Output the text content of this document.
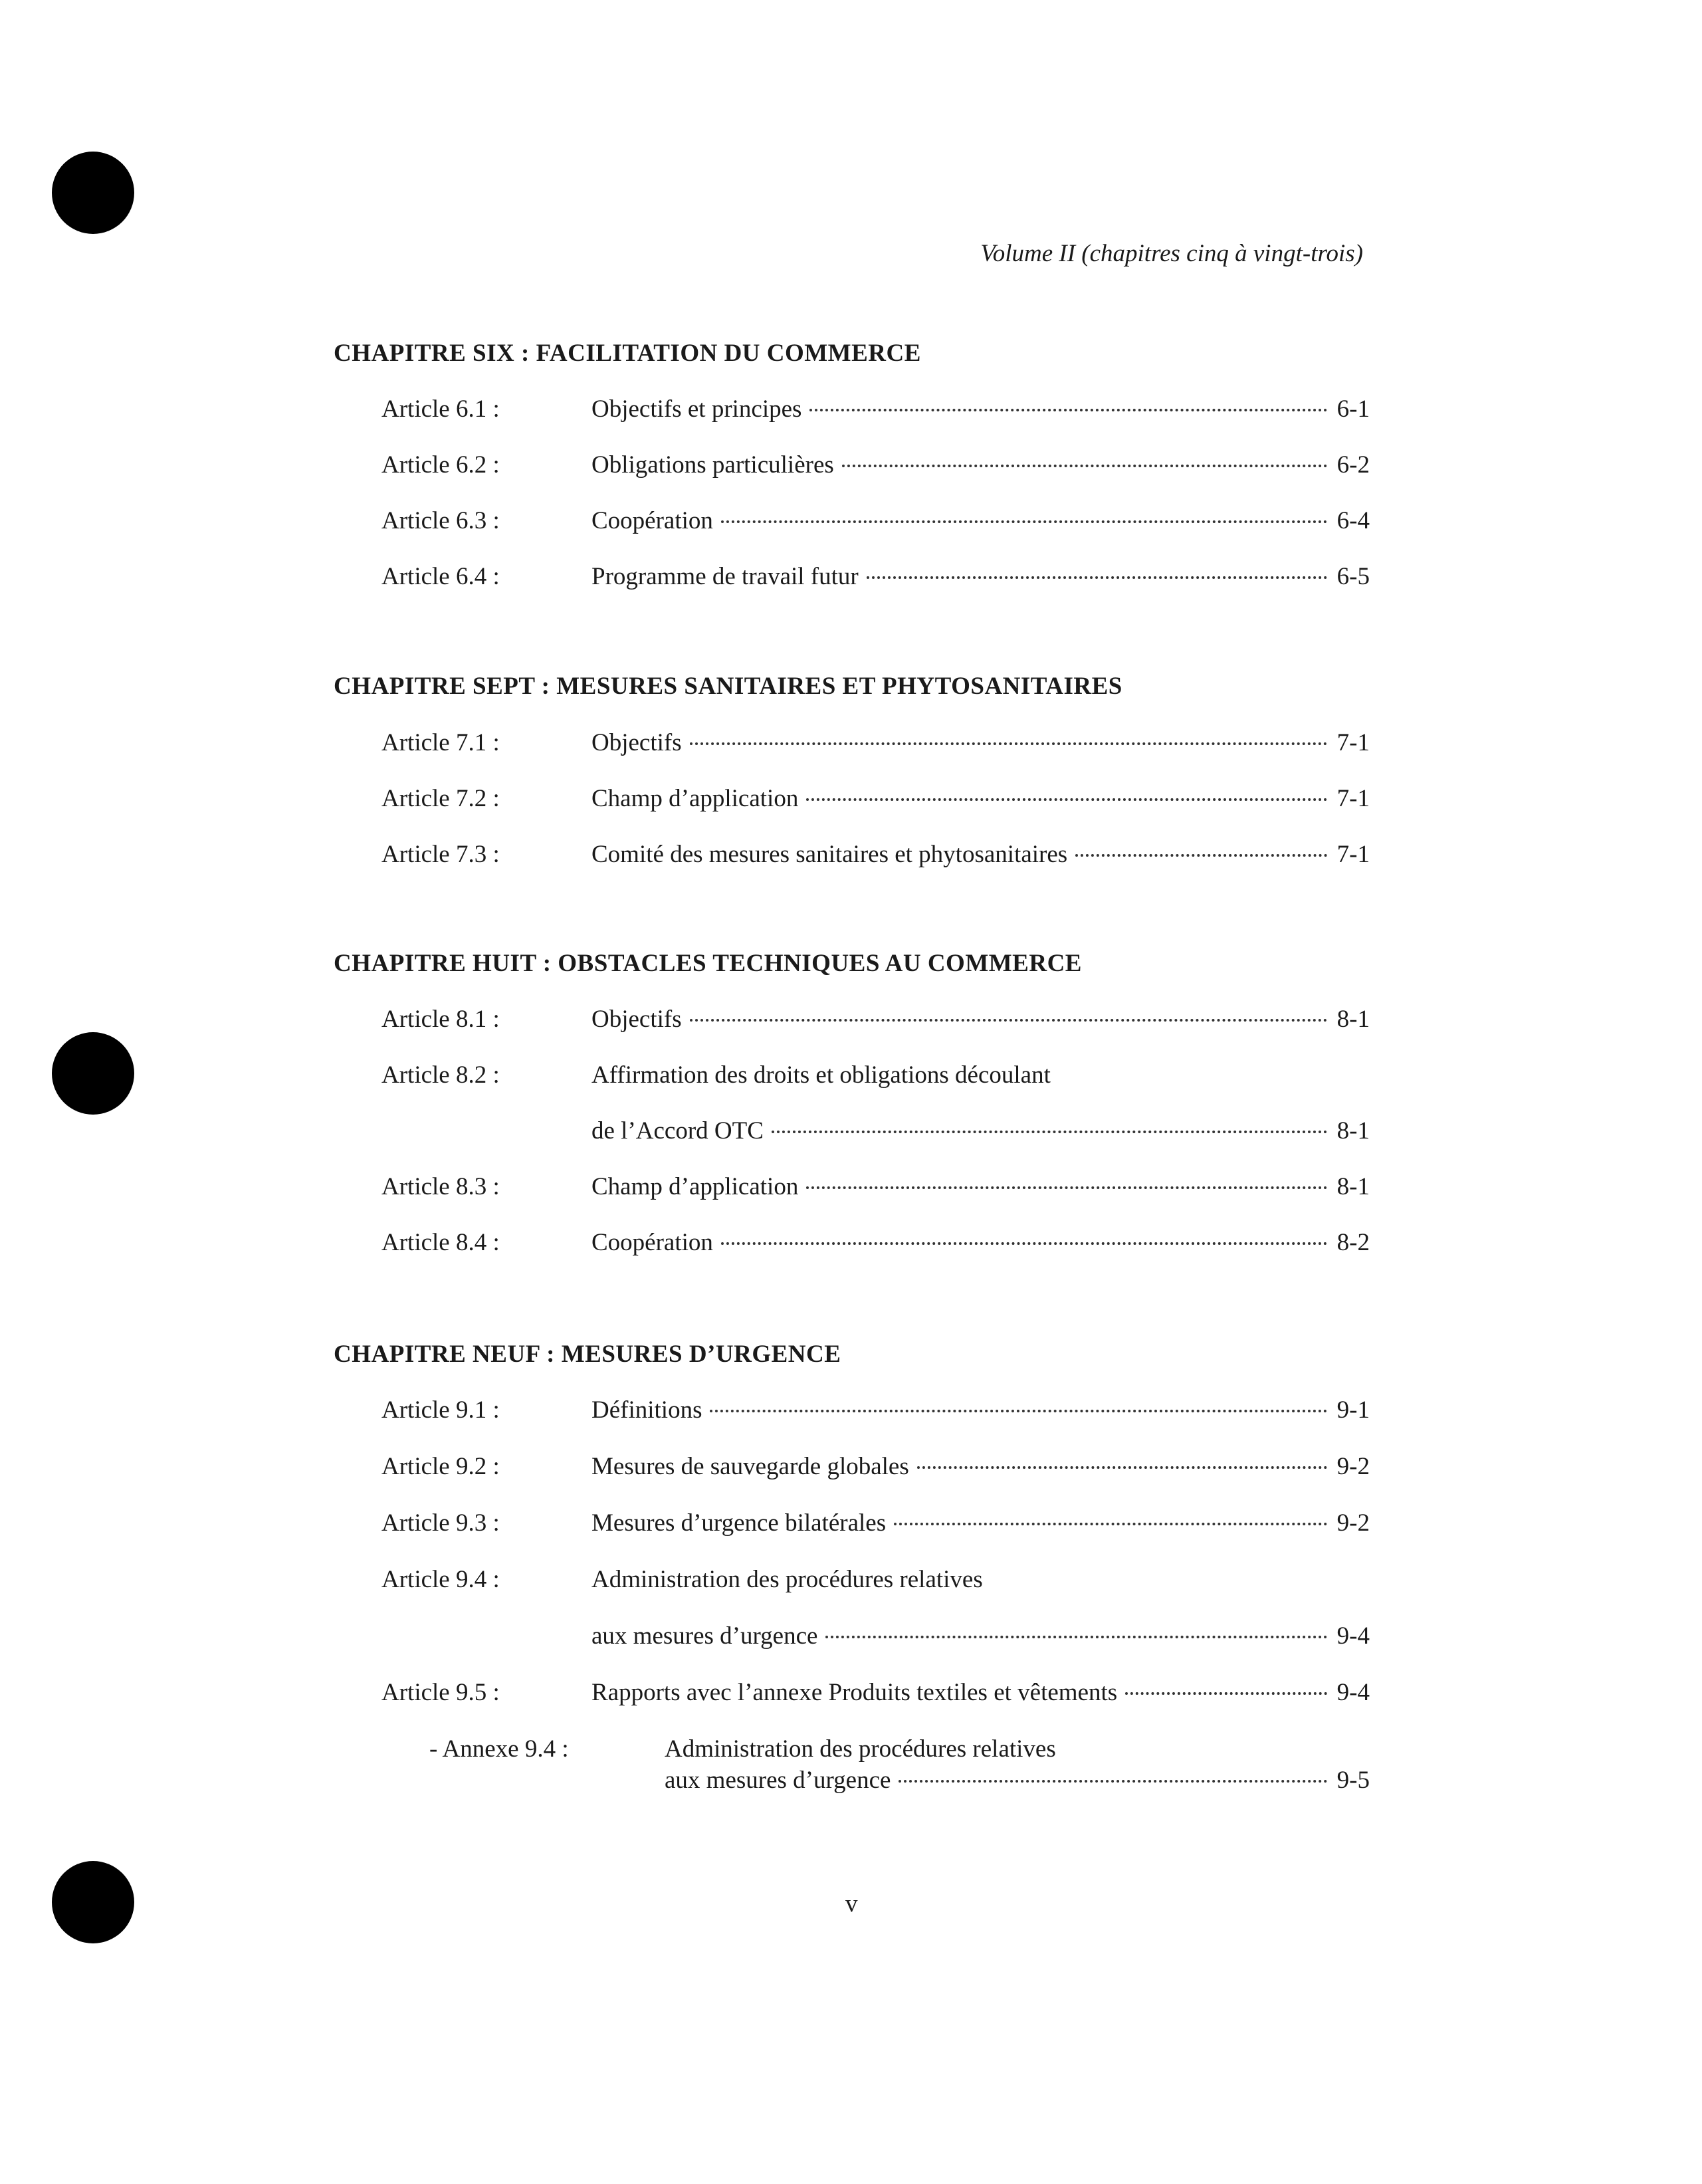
Volume II (chapitres cinq à vingt-trois)
CHAPITRE SIX : FACILITATION DU COMMERCE
Article 6.1 :	Objectifs et principes	6-1
Article 6.2 :	Obligations particulières	6-2
Article 6.3 :	Coopération	6-4
Article 6.4 :	Programme de travail futur	6-5
CHAPITRE SEPT : MESURES SANITAIRES ET PHYTOSANITAIRES
Article 7.1 :	Objectifs	7-1
Article 7.2 :	Champ d’application	7-1
Article 7.3 :	Comité des mesures sanitaires et phytosanitaires	7-1
CHAPITRE HUIT : OBSTACLES TECHNIQUES AU COMMERCE
Article 8.1 :	Objectifs	8-1
Article 8.2 :	Affirmation des droits et obligations découlant
de l’Accord OTC	8-1
Article 8.3 :	Champ d’application	8-1
Article 8.4 :	Coopération	8-2
CHAPITRE NEUF : MESURES D’URGENCE
Article 9.1 :	Définitions	9-1
Article 9.2 :	Mesures de sauvegarde globales	9-2
Article 9.3 :	Mesures d’urgence bilatérales	9-2
Article 9.4 :	Administration des procédures relatives
aux mesures d’urgence	9-4
Article 9.5 :	Rapports avec l’annexe Produits textiles et vêtements	9-4
- Annexe 9.4 :	Administration des procédures relatives
aux mesures d’urgence	9-5
v
